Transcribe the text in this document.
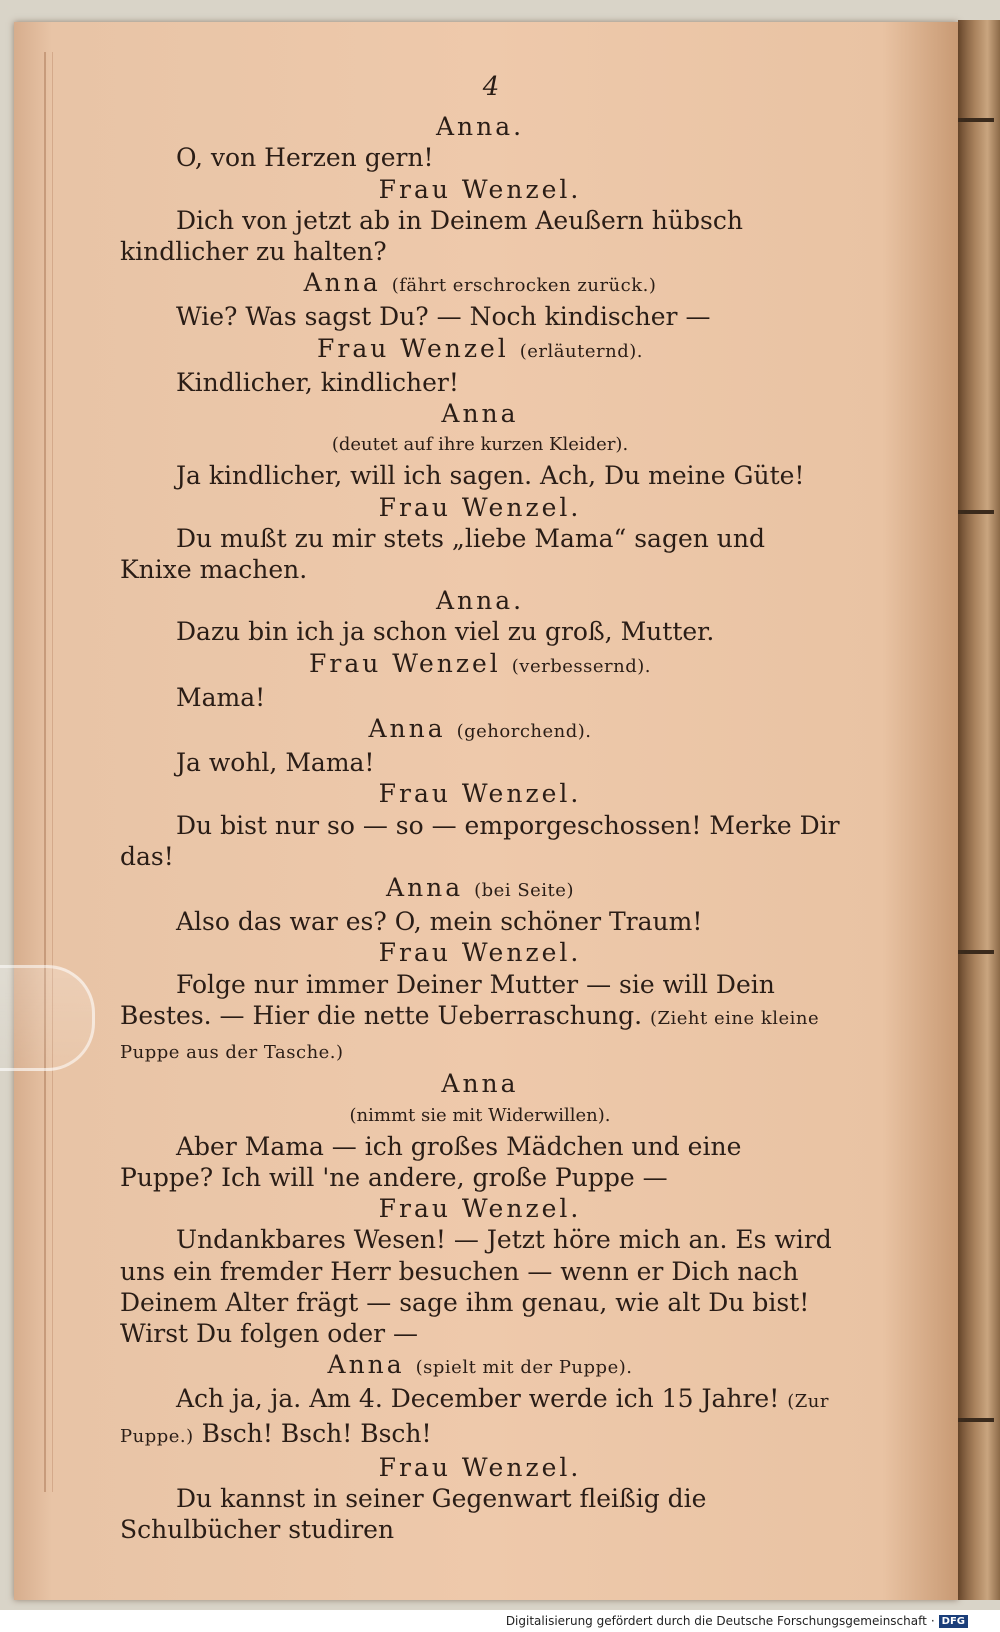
4
Anna.

O, von Herzen gern!

Frau Wenzel.

Dich von jetzt ab in Deinem Aeußern hübsch kindlicher zu halten?

Anna (fährt erschrocken zurück.)

Wie? Was sagst Du? — Noch kindischer —

Frau Wenzel (erläuternd).

Kindlicher, kindlicher!

Anna
(deutet auf ihre kurzen Kleider).

Ja kindlicher, will ich sagen. Ach, Du meine Güte!

Frau Wenzel.

Du mußt zu mir stets „liebe Mama“ sagen und Knixe machen.

Anna.

Dazu bin ich ja schon viel zu groß, Mutter.

Frau Wenzel (verbessernd).

Mama!

Anna (gehorchend).

Ja wohl, Mama!

Frau Wenzel.

Du bist nur so — so — emporgeschossen! Merke Dir das!

Anna (bei Seite)

Also das war es? O, mein schöner Traum!

Frau Wenzel.

Folge nur immer Deiner Mutter — sie will Dein Bestes. — Hier die nette Ueberraschung. (Zieht eine kleine Puppe aus der Tasche.)

Anna
(nimmt sie mit Widerwillen).

Aber Mama — ich großes Mädchen und eine Puppe? Ich will 'ne andere, große Puppe —

Frau Wenzel.

Undankbares Wesen! — Jetzt höre mich an. Es wird uns ein fremder Herr besuchen — wenn er Dich nach Deinem Alter frägt — sage ihm genau, wie alt Du bist! Wirst Du folgen oder —

Anna (spielt mit der Puppe).

Ach ja, ja. Am 4. December werde ich 15 Jahre! (Zur Puppe.) Bsch! Bsch! Bsch!

Frau Wenzel.

Du kannst in seiner Gegenwart fleißig die Schulbücher studiren

Digitalisierung gefördert durch die Deutsche Forschungsgemeinschaft · DFG
